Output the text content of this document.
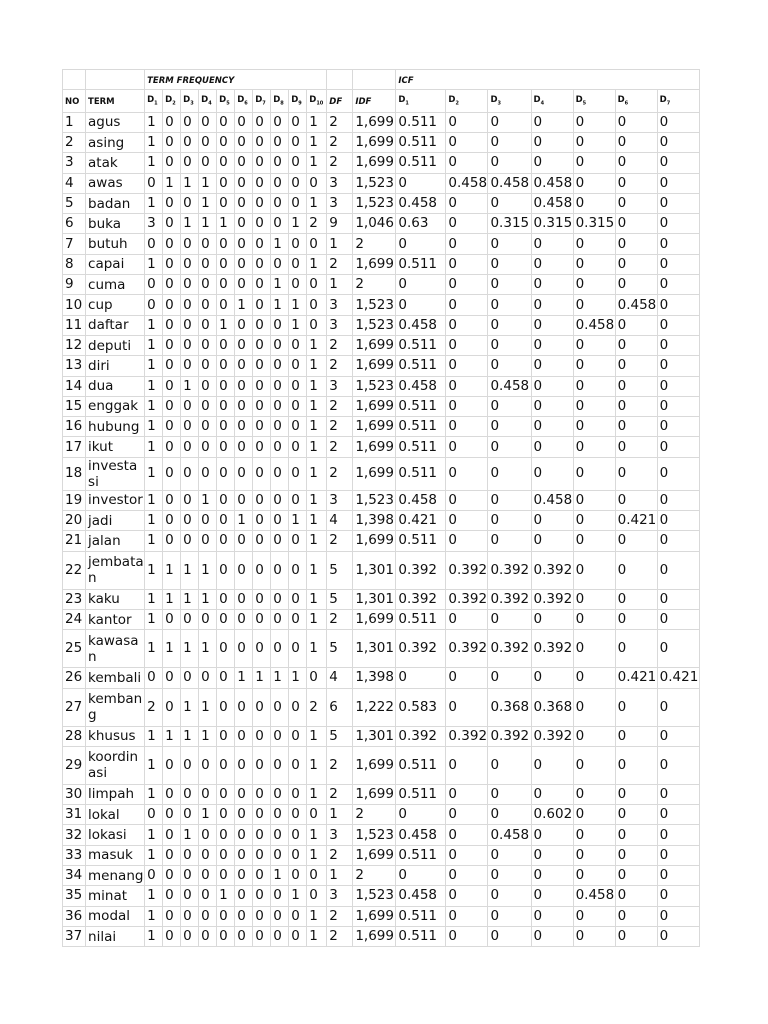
		TERM FREQUENCY												ICF						
NO	TERM	$D_1$	$D_2$	$D_3$	$D_4$	$D_5$	$D_6$	$D_7$	$D_8$	$D_9$	$D_{10}$	DF	IDF	$D_1$	$D_2$	$D_3$	$D_4$	$D_5$	$D_6$	$D_7$
1	agus	1	0	0	0	0	0	0	0	0	1	2	1,699	0.511	0	0	0	0	0	0
2	asing	1	0	0	0	0	0	0	0	0	1	2	1,699	0.511	0	0	0	0	0	0
3	atak	1	0	0	0	0	0	0	0	0	1	2	1,699	0.511	0	0	0	0	0	0
4	awas	0	1	1	1	0	0	0	0	0	0	3	1,523	0	0.458	0.458	0.458	0	0	0
5	badan	1	0	0	1	0	0	0	0	0	1	3	1,523	0.458	0	0	0.458	0	0	0
6	buka	3	0	1	1	1	0	0	0	1	2	9	1,046	0.63	0	0.315	0.315	0.315	0	0
7	butuh	0	0	0	0	0	0	0	1	0	0	1	2	0	0	0	0	0	0	0
8	capai	1	0	0	0	0	0	0	0	0	1	2	1,699	0.511	0	0	0	0	0	0
9	cuma	0	0	0	0	0	0	0	1	0	0	1	2	0	0	0	0	0	0	0
10	cup	0	0	0	0	0	1	0	1	1	0	3	1,523	0	0	0	0	0	0.458	0
11	daftar	1	0	0	0	1	0	0	0	1	0	3	1,523	0.458	0	0	0	0.458	0	0
12	deputi	1	0	0	0	0	0	0	0	0	1	2	1,699	0.511	0	0	0	0	0	0
13	diri	1	0	0	0	0	0	0	0	0	1	2	1,699	0.511	0	0	0	0	0	0
14	dua	1	0	1	0	0	0	0	0	0	1	3	1,523	0.458	0	0.458	0	0	0	0
15	enggak	1	0	0	0	0	0	0	0	0	1	2	1,699	0.511	0	0	0	0	0	0
16	hubung	1	0	0	0	0	0	0	0	0	1	2	1,699	0.511	0	0	0	0	0	0
17	ikut	1	0	0	0	0	0	0	0	0	1	2	1,699	0.511	0	0	0	0	0	0
18	investasi	1	0	0	0	0	0	0	0	0	1	2	1,699	0.511	0	0	0	0	0	0
19	investor	1	0	0	1	0	0	0	0	0	1	3	1,523	0.458	0	0	0.458	0	0	0
20	jadi	1	0	0	0	0	1	0	0	1	1	4	1,398	0.421	0	0	0	0	0.421	0
21	jalan	1	0	0	0	0	0	0	0	0	1	2	1,699	0.511	0	0	0	0	0	0
22	jembatan	1	1	1	1	0	0	0	0	0	1	5	1,301	0.392	0.392	0.392	0.392	0	0	0
23	kaku	1	1	1	1	0	0	0	0	0	1	5	1,301	0.392	0.392	0.392	0.392	0	0	0
24	kantor	1	0	0	0	0	0	0	0	0	1	2	1,699	0.511	0	0	0	0	0	0
25	kawasan	1	1	1	1	0	0	0	0	0	1	5	1,301	0.392	0.392	0.392	0.392	0	0	0
26	kembali	0	0	0	0	0	1	1	1	1	0	4	1,398	0	0	0	0	0	0.421	0.421
27	kembang	2	0	1	1	0	0	0	0	0	2	6	1,222	0.583	0	0.368	0.368	0	0	0
28	khusus	1	1	1	1	0	0	0	0	0	1	5	1,301	0.392	0.392	0.392	0.392	0	0	0
29	koordinasi	1	0	0	0	0	0	0	0	0	1	2	1,699	0.511	0	0	0	0	0	0
30	limpah	1	0	0	0	0	0	0	0	0	1	2	1,699	0.511	0	0	0	0	0	0
31	lokal	0	0	0	1	0	0	0	0	0	0	1	2	0	0	0	0.602	0	0	0
32	lokasi	1	0	1	0	0	0	0	0	0	1	3	1,523	0.458	0	0.458	0	0	0	0
33	masuk	1	0	0	0	0	0	0	0	0	1	2	1,699	0.511	0	0	0	0	0	0
34	menang	0	0	0	0	0	0	0	1	0	0	1	2	0	0	0	0	0	0	0
35	minat	1	0	0	0	1	0	0	0	1	0	3	1,523	0.458	0	0	0	0.458	0	0
36	modal	1	0	0	0	0	0	0	0	0	1	2	1,699	0.511	0	0	0	0	0	0
37	nilai	1	0	0	0	0	0	0	0	0	1	2	1,699	0.511	0	0	0	0	0	0
